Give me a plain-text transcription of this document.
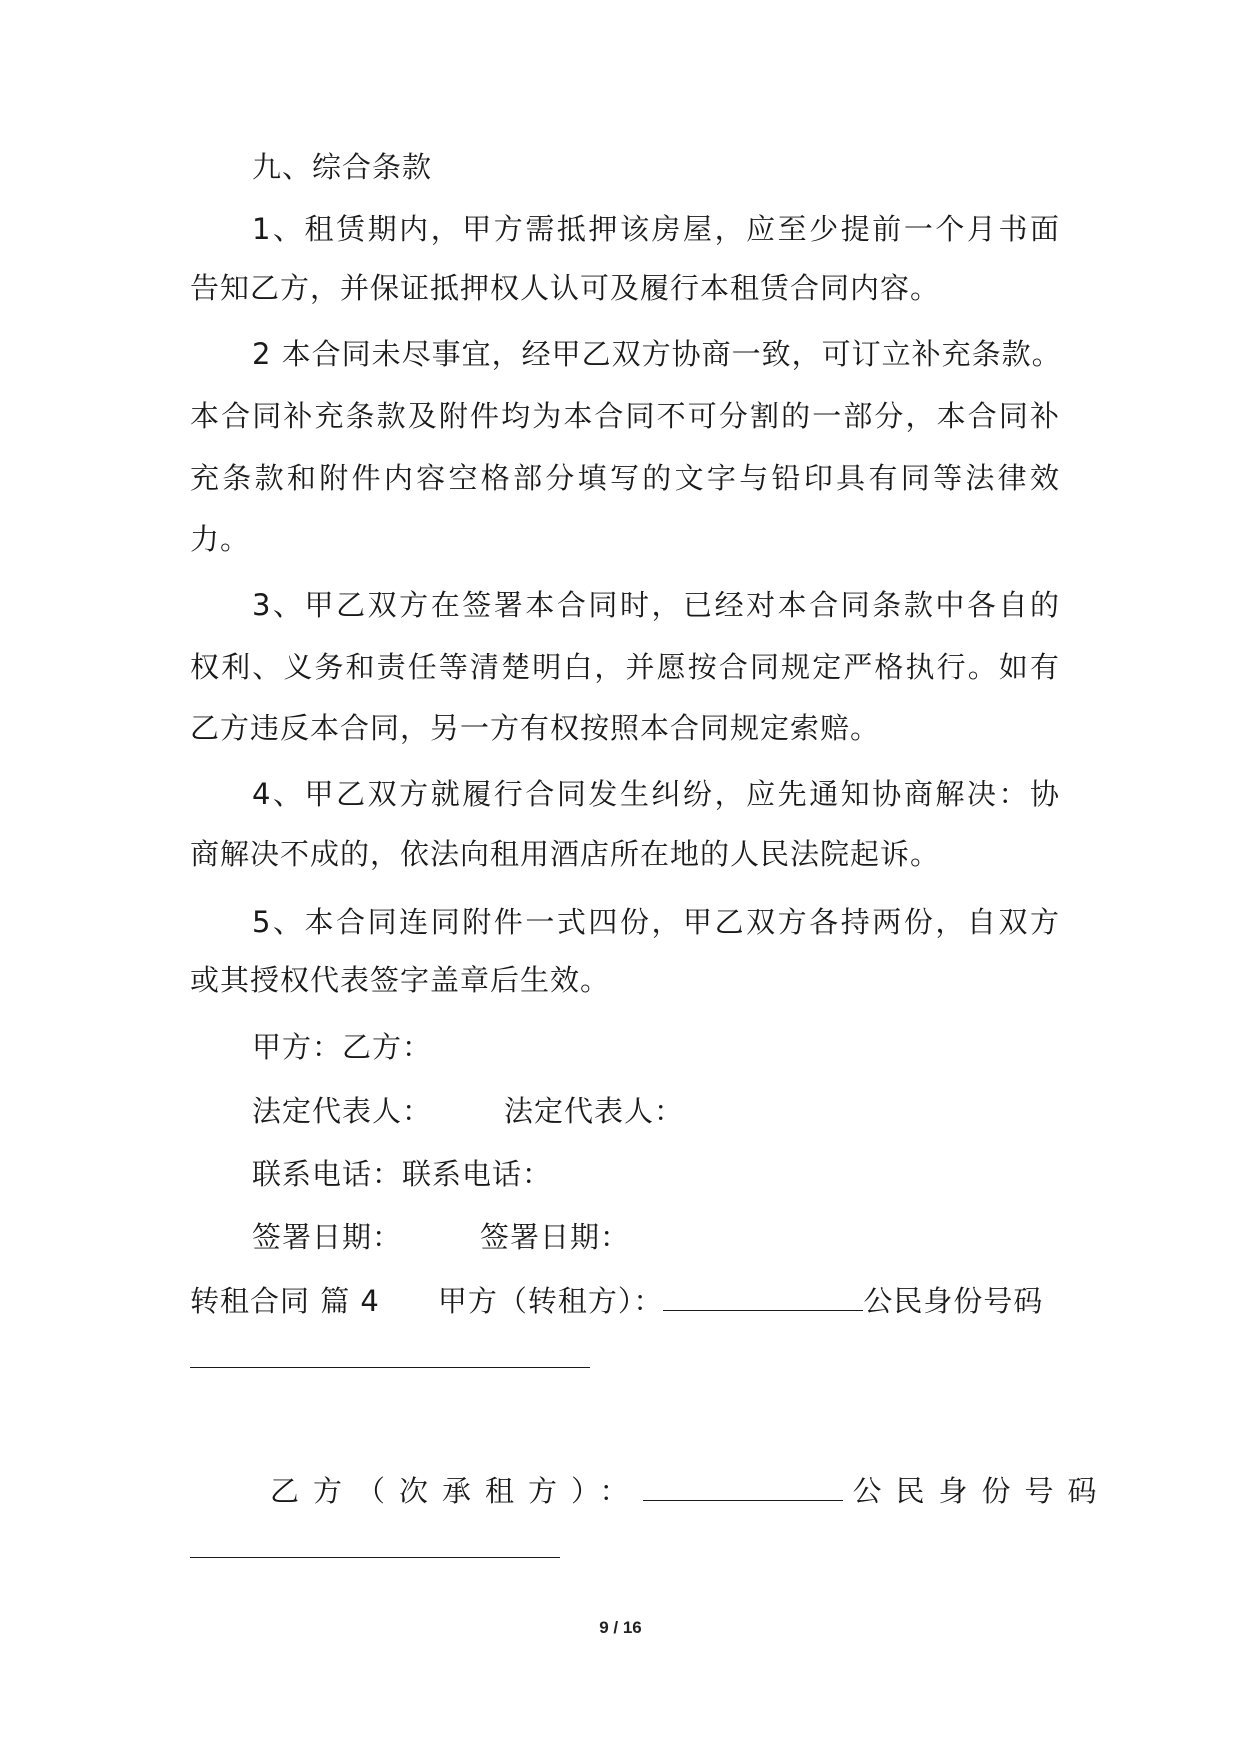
九、综合条款
1、租赁期内，甲方需抵押该房屋，应至少提前一个月书面
告知乙方，并保证抵押权人认可及履行本租赁合同内容。
2 本合同未尽事宜，经甲乙双方协商一致，可订立补充条款。
本合同补充条款及附件均为本合同不可分割的一部分，本合同补
充条款和附件内容空格部分填写的文字与铅印具有同等法律效
力。
3、甲乙双方在签署本合同时，已经对本合同条款中各自的
权利、义务和责任等清楚明白，并愿按合同规定严格执行。如有
乙方违反本合同，另一方有权按照本合同规定索赔。
4、甲乙双方就履行合同发生纠纷，应先通知协商解决：协
商解决不成的，依法向租用酒店所在地的人民法院起诉。
5、本合同连同附件一式四份，甲乙双方各持两份，自双方
或其授权代表签字盖章后生效。
甲方：乙方：
法定代表人： 法定代表人：
联系电话：联系电话：
签署日期：	签署日期：
转租合同 篇 4 甲方（转租方）：	公民身份号码
乙方（次承租方）：	公民身份号码
9 / 16
